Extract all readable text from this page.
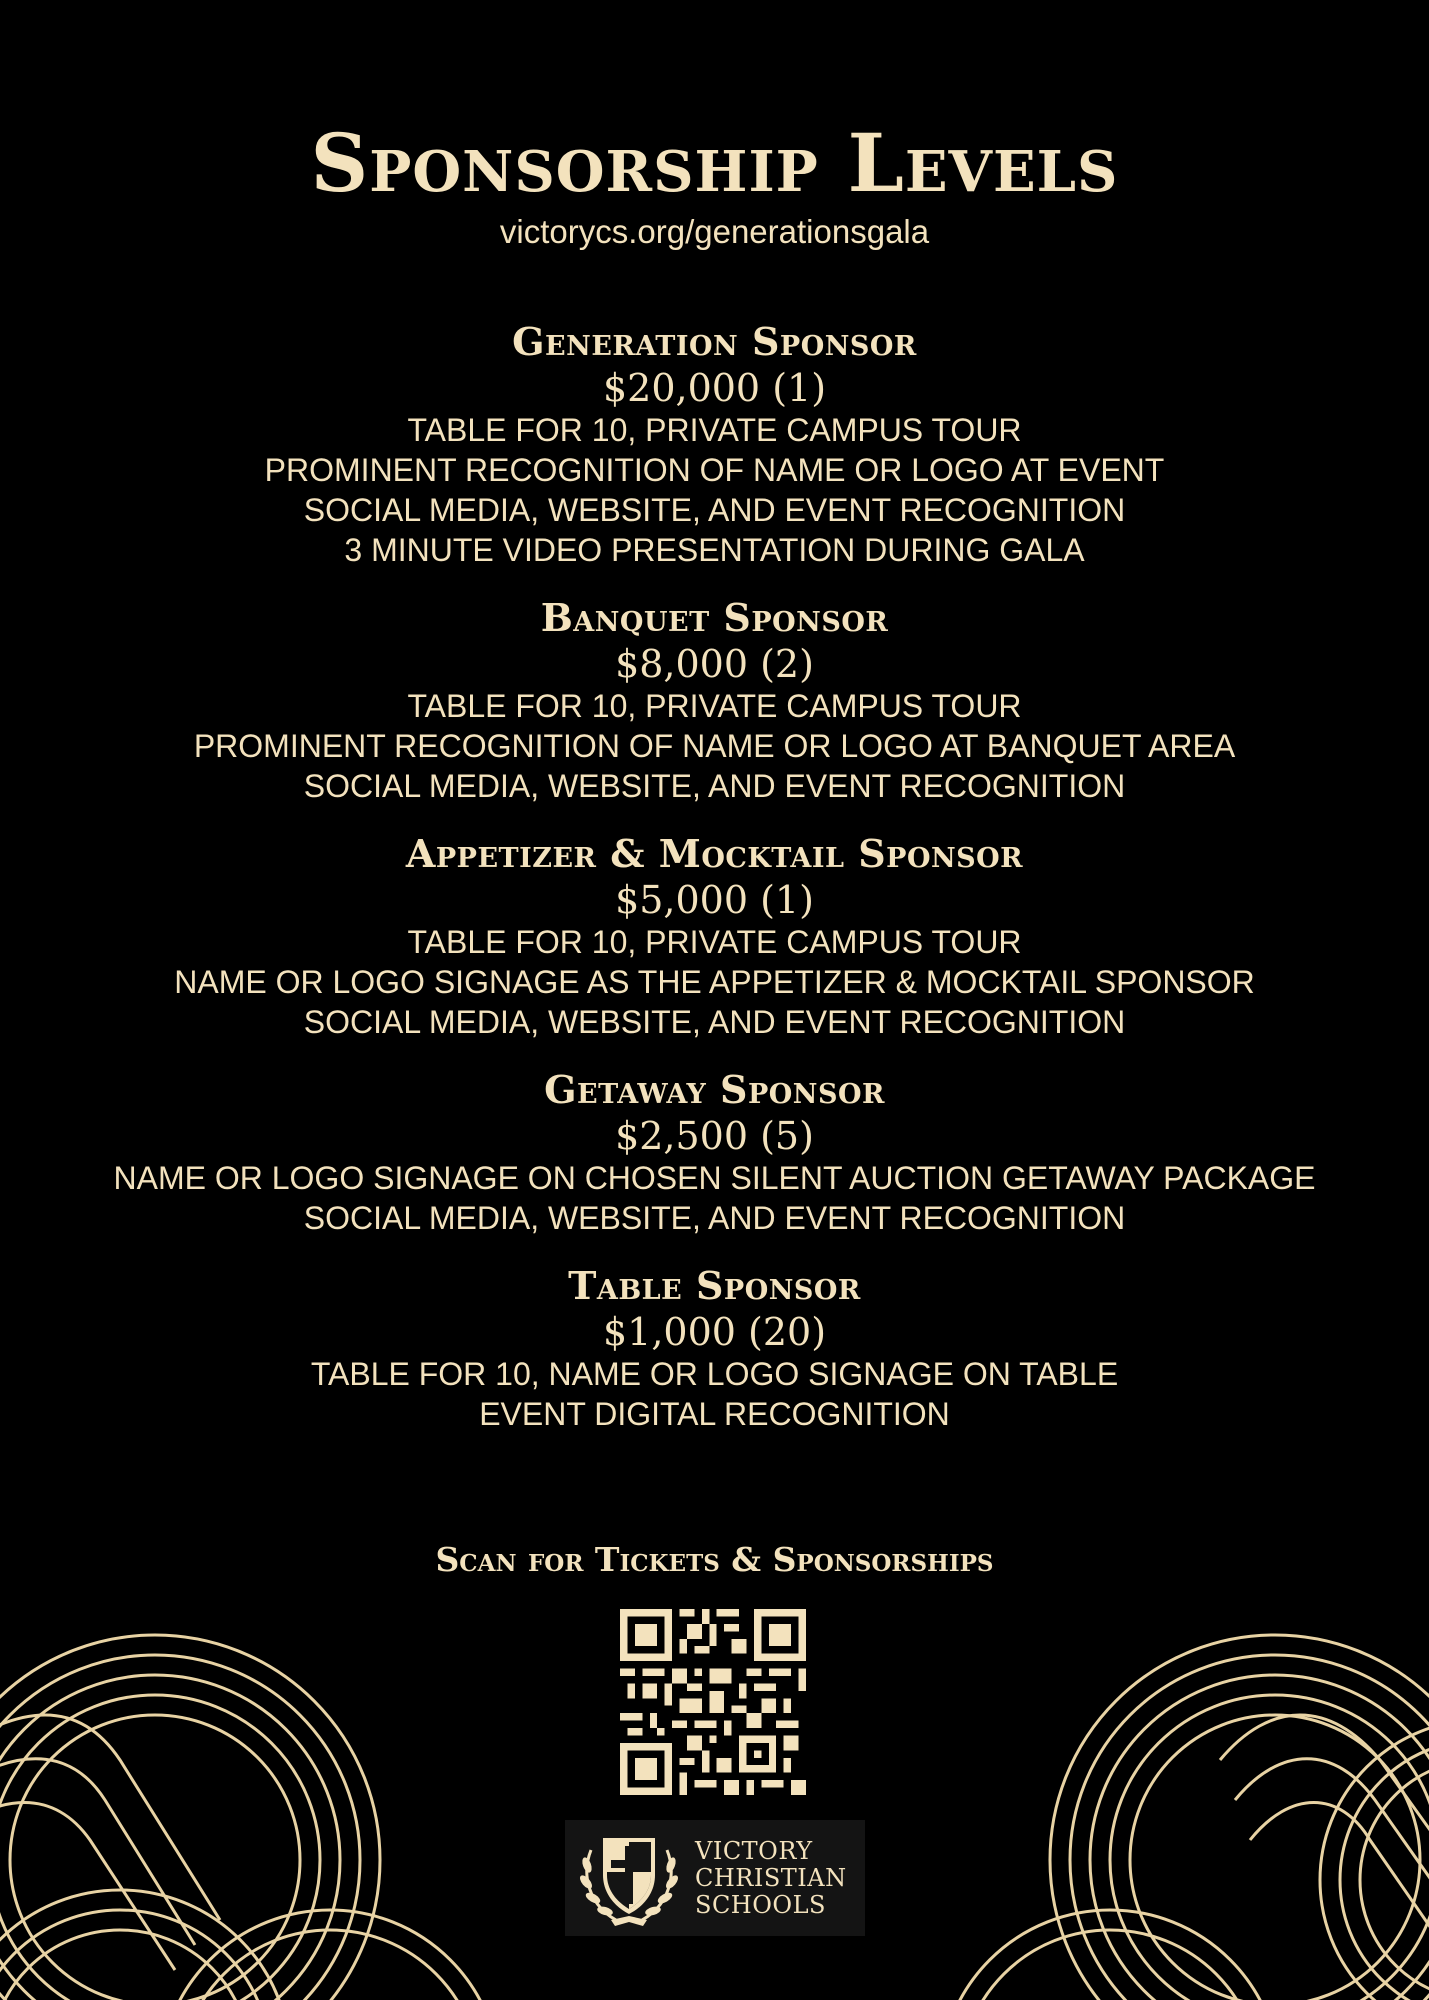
Sponsorship Levels
victorycs.org/generationsgala
Generation Sponsor
$20,000 (1)
TABLE FOR 10, PRIVATE CAMPUS TOUR
PROMINENT RECOGNITION OF NAME OR LOGO AT EVENT
SOCIAL MEDIA, WEBSITE, AND EVENT RECOGNITION
3 MINUTE VIDEO PRESENTATION DURING GALA
Banquet Sponsor
$8,000 (2)
TABLE FOR 10, PRIVATE CAMPUS TOUR
PROMINENT RECOGNITION OF NAME OR LOGO AT BANQUET AREA
SOCIAL MEDIA, WEBSITE, AND EVENT RECOGNITION
Appetizer & Mocktail Sponsor
$5,000 (1)
TABLE FOR 10, PRIVATE CAMPUS TOUR
NAME OR LOGO SIGNAGE AS THE APPETIZER & MOCKTAIL SPONSOR
SOCIAL MEDIA, WEBSITE, AND EVENT RECOGNITION
Getaway Sponsor
$2,500 (5)
NAME OR LOGO SIGNAGE ON CHOSEN SILENT AUCTION GETAWAY PACKAGE
SOCIAL MEDIA, WEBSITE, AND EVENT RECOGNITION
Table Sponsor
$1,000 (20)
TABLE FOR 10, NAME OR LOGO SIGNAGE ON TABLE
EVENT DIGITAL RECOGNITION
Scan for Tickets & Sponsorships
VICTORY
CHRISTIAN
SCHOOLS
